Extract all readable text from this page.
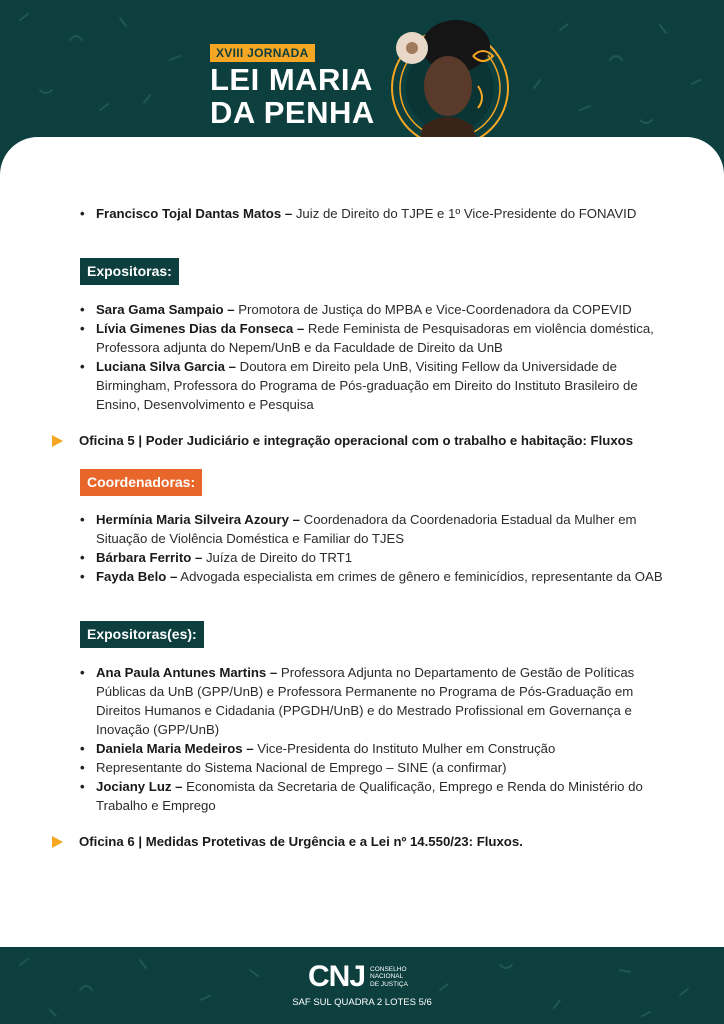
XVIII JORNADA
LEI MARIA
DA PENHA
• Francisco Tojal Dantas Matos – Juiz de Direito do TJPE e 1º Vice-Presidente do FONAVID
Expositoras:
• Sara Gama Sampaio – Promotora de Justiça do MPBA e Vice-Coordenadora da COPEVID
• Lívia Gimenes Dias da Fonseca – Rede Feminista de Pesquisadoras em violência doméstica, Professora adjunta do Nepem/UnB e da Faculdade de Direito da UnB
• Luciana Silva Garcia – Doutora em Direito pela UnB, Visiting Fellow da Universidade de Birmingham, Professora do Programa de Pós-graduação em Direito do Instituto Brasileiro de Ensino, Desenvolvimento e Pesquisa
Oficina 5 | Poder Judiciário e integração operacional com o trabalho e habitação: Fluxos
Coordenadoras:
• Hermínia Maria Silveira Azoury – Coordenadora da Coordenadoria Estadual da Mulher em Situação de Violência Doméstica e Familiar do TJES
• Bárbara Ferrito – Juíza de Direito do TRT1
• Fayda Belo – Advogada especialista em crimes de gênero e feminicídios, representante da OAB
Expositoras(es):
• Ana Paula Antunes Martins – Professora Adjunta no Departamento de Gestão de Políticas Públicas da UnB (GPP/UnB) e Professora Permanente no Programa de Pós-Graduação em Direitos Humanos e Cidadania (PPGDH/UnB) e do Mestrado Profissional em Governança e Inovação (GPP/UnB)
• Daniela Maria Medeiros – Vice-Presidenta do Instituto Mulher em Construção
• Representante do Sistema Nacional de Emprego – SINE (a confirmar)
• Jociany Luz – Economista da Secretaria de Qualificação, Emprego e Renda do Ministério do Trabalho e Emprego
Oficina 6 | Medidas Protetivas de Urgência e a Lei nº 14.550/23: Fluxos.
CNJ CONSELHO
NACIONAL
DE JUSTIÇA
SAF SUL QUADRA 2 LOTES 5/6
